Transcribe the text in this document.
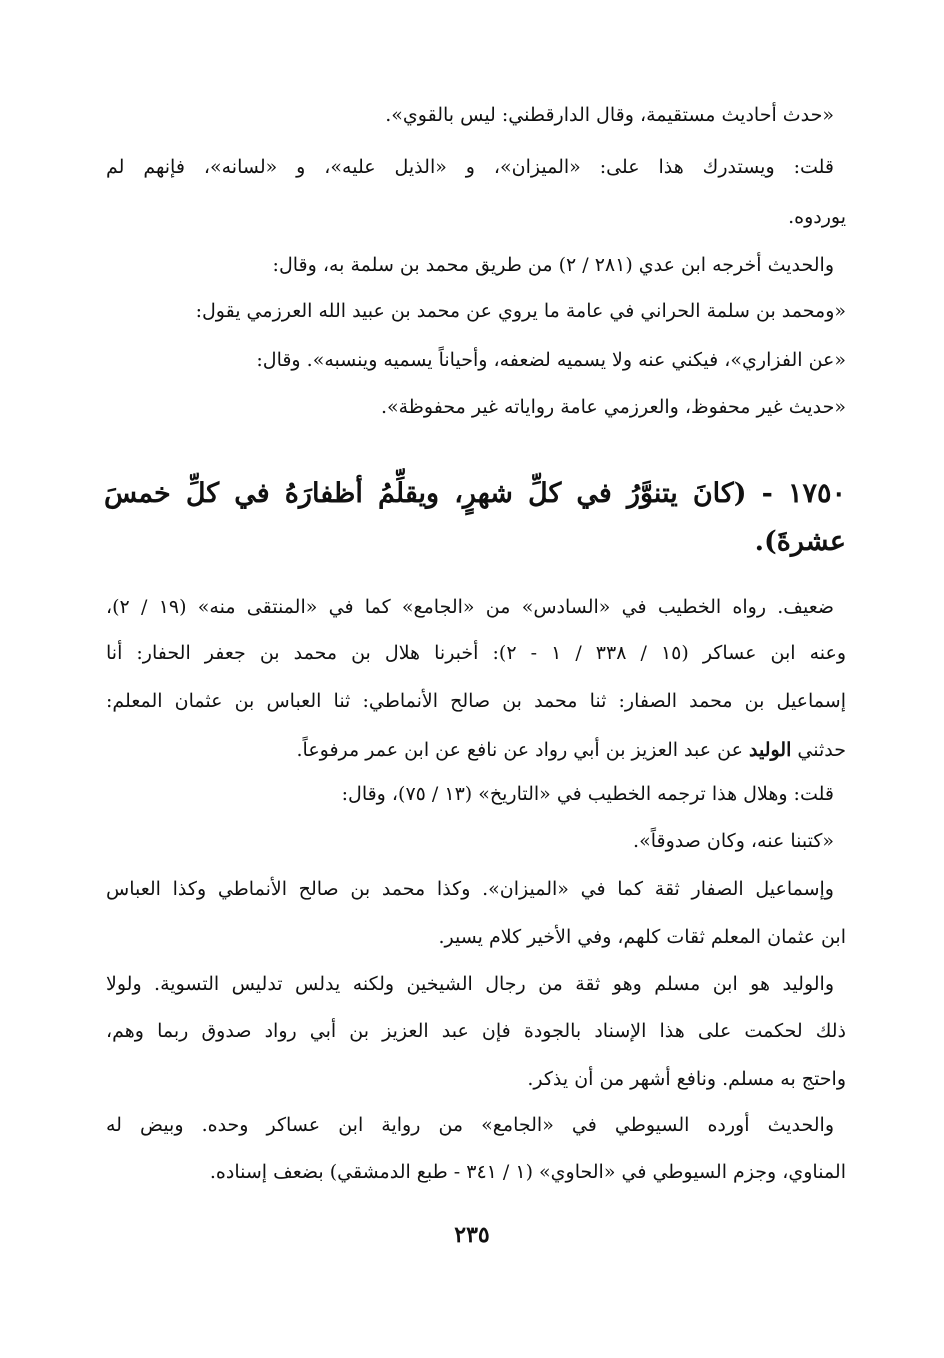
«حدث أحاديث مستقيمة، وقال الدارقطني: ليس بالقوي».
قلت: ويستدرك هذا على: «الميزان»، و «الذيل عليه»، و «لسانه»، فإنهم لم
يوردوه.
والحديث أخرجه ابن عدي (٢٨١ / ٢) من طريق محمد بن سلمة به، وقال:
«ومحمد بن سلمة الحراني في عامة ما يروي عن محمد بن عبيد الله العرزمي يقول:
«عن الفزاري»، فيكني عنه ولا يسميه لضعفه، وأحياناً يسميه وينسبه». وقال:
«حديث غير محفوظ، والعرزمي عامة رواياته غير محفوظة».
١٧٥٠ - (كانَ يتنوَّرُ في كلِّ شهرٍ، ويقلِّمُ أظفارَهُ في كلِّ خمسَ
عشرةَ).
ضعيف. رواه الخطيب في «السادس» من «الجامع» كما في «المنتقى منه» (١٩ / ٢)،
وعنه ابن عساكر (١٥ / ٣٣٨ / ١ - ٢): أخبرنا هلال بن محمد بن جعفر الحفار: أنا
إسماعيل بن محمد الصفار: ثنا محمد بن صالح الأنماطي: ثنا العباس بن عثمان المعلم:
حدثني الوليد عن عبد العزيز بن أبي رواد عن نافع عن ابن عمر مرفوعاً.
قلت: وهلال هذا ترجمه الخطيب في «التاريخ» (١٣ / ٧٥)، وقال:
«كتبنا عنه، وكان صدوقاً».
وإسماعيل الصفار ثقة كما في «الميزان». وكذا محمد بن صالح الأنماطي وكذا العباس
ابن عثمان المعلم ثقات كلهم، وفي الأخير كلام يسير.
والوليد هو ابن مسلم وهو ثقة من رجال الشيخين ولكنه يدلس تدليس التسوية. ولولا
ذلك لحكمت على هذا الإسناد بالجودة فإن عبد العزيز بن أبي رواد صدوق ربما وهم،
واحتج به مسلم. ونافع أشهر من أن يذكر.
والحديث أورده السيوطي في «الجامع» من رواية ابن عساكر وحده. وبيض له
المناوي، وجزم السيوطي في «الحاوي» (١ / ٣٤١ - طبع الدمشقي) بضعف إسناده.
٢٣٥
